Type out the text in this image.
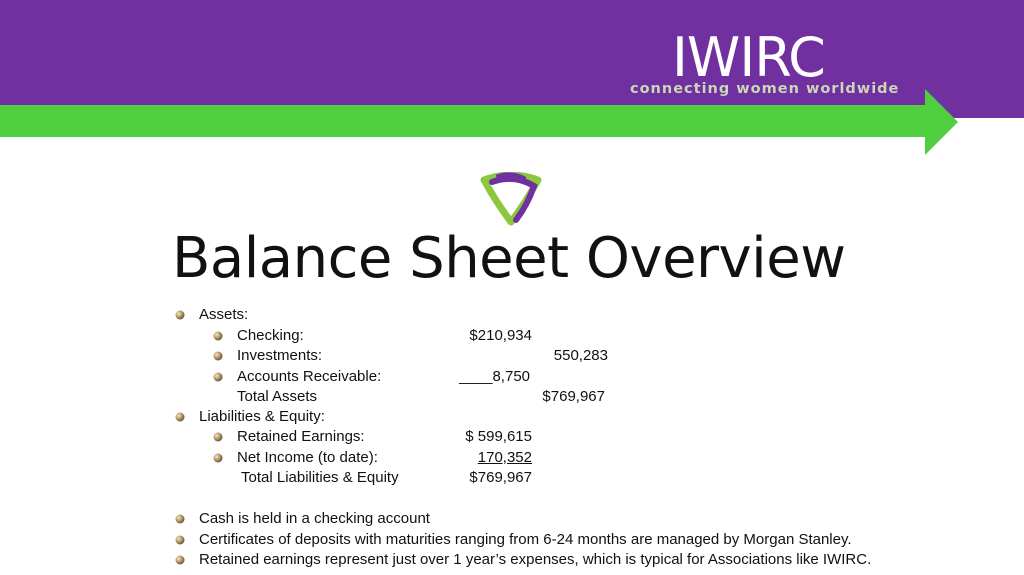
IWIRC
connecting women worldwide
Balance Sheet Overview
Assets:
Checking:	$210,934
Investments:	550,283
Accounts Receivable:	____8,750
Total Assets	$769,967
Liabilities & Equity:
Retained Earnings:	$ 599,615
Net Income (to date):	170,352
Total Liabilities & Equity	$769,967
Cash is held in a checking account
Certificates of deposits with maturities ranging from 6-24 months are managed by Morgan Stanley.
Retained earnings represent just over 1 year’s expenses, which is typical for Associations like IWIRC.
